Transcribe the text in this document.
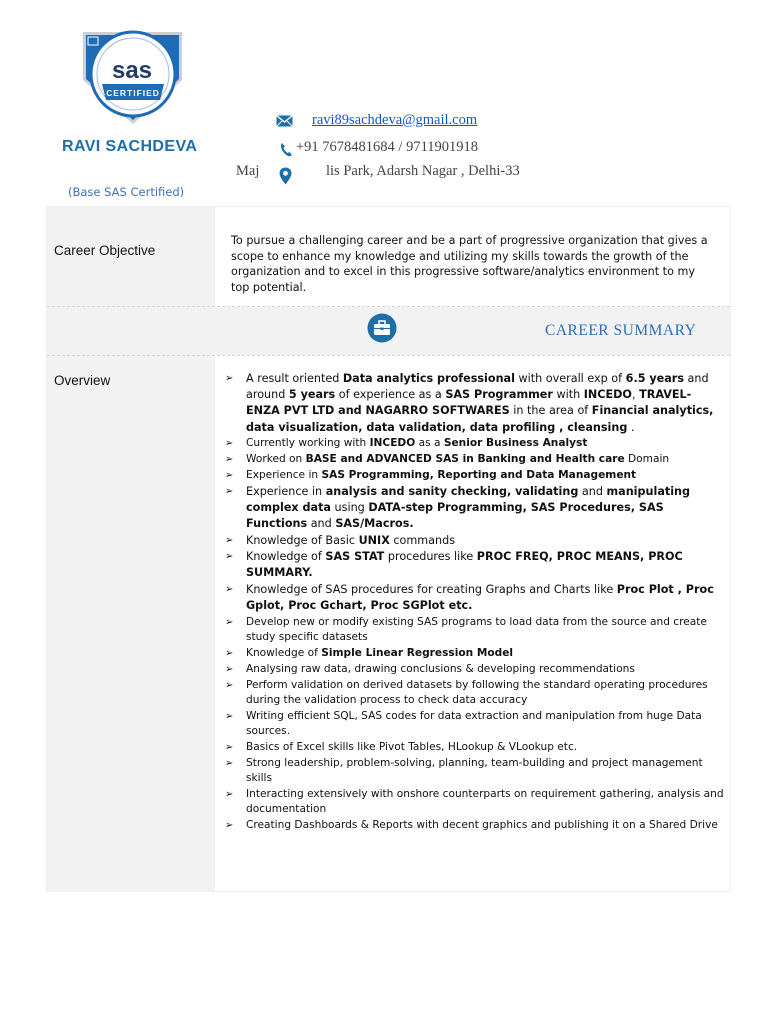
sas
CERTIFIED
RAVI SACHDEVA
(Base SAS Certified)
ravi89sachdeva@gmail.com
+91 7678481684 / 9711901918
Maj	lis Park, Adarsh Nagar , Delhi-33
Career Objective
To pursue a challenging career and be a part of progressive organization that gives a scope to enhance my knowledge and utilizing my skills towards the growth of the organization and to excel in this progressive software/analytics environment to my top potential.
CAREER SUMMARY
Overview	➢ A result oriented Data analytics professional with overall exp of 6.5 years and around 5 years of experience as a SAS Programmer with INCEDO, TRAVEL-ENZA PVT LTD and NAGARRO SOFTWARES in the area of Financial analytics, data visualization, data validation, data profiling , cleansing .
➢ Currently working with INCEDO as a Senior Business Analyst
➢ Worked on BASE and ADVANCED SAS in Banking and Health care Domain
➢ Experience in SAS Programming, Reporting and Data Management
➢ Experience in analysis and sanity checking, validating and manipulating complex data using DATA-step Programming, SAS Procedures, SAS Functions and SAS/Macros.
➢ Knowledge of Basic UNIX commands
➢ Knowledge of SAS STAT procedures like PROC FREQ, PROC MEANS, PROC SUMMARY.
➢ Knowledge of SAS procedures for creating Graphs and Charts like Proc Plot , Proc Gplot, Proc Gchart, Proc SGPlot etc.
➢ Develop new or modify existing SAS programs to load data from the source and create study specific datasets
➢ Knowledge of Simple Linear Regression Model
➢ Analysing raw data, drawing conclusions & developing recommendations
➢ Perform validation on derived datasets by following the standard operating procedures during the validation process to check data accuracy
➢ Writing efficient SQL, SAS codes for data extraction and manipulation from huge Data sources.
➢ Basics of Excel skills like Pivot Tables, HLookup & VLookup etc.
➢ Strong leadership, problem-solving, planning, team-building and project management skills
➢ Interacting extensively with onshore counterparts on requirement gathering, analysis and documentation
➢ Creating Dashboards & Reports with decent graphics and publishing it on a Shared Drive
